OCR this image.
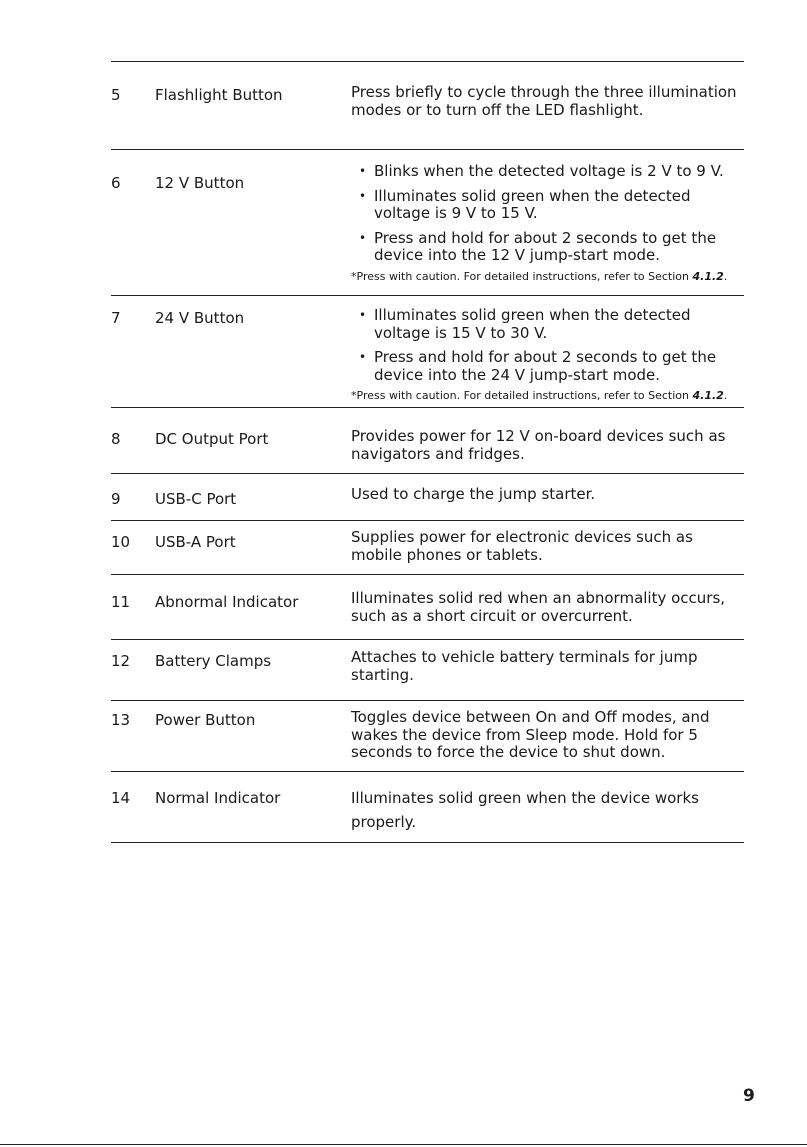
5 Flashlight Button	Press briefly to cycle through the three illumination modes or to turn off the LED flashlight.
6 12 V Button
• Blinks when the detected voltage is 2 V to 9 V.
• Illuminates solid green when the detected voltage is 9 V to 15 V.
• Press and hold for about 2 seconds to get the device into the 12 V jump-start mode.
*Press with caution. For detailed instructions, refer to Section 4.1.2.
7 24 V Button
•	Illuminates solid green when the detected voltage is 15 V to 30 V.
• Press and hold for about 2 seconds to get the device into the 24 V jump-start mode.
*Press with caution. For detailed instructions, refer to Section 4.1.2.
8 DC Output Port	Provides power for 12 V on-board devices such as navigators and fridges.
9 USB-C Port	Used to charge the jump starter.
10 USB-A Port	Supplies power for electronic devices such as mobile phones or tablets.
11 Abnormal Indicator	Illuminates solid red when an abnormality occurs, such as a short circuit or overcurrent.
12 Battery Clamps	Attaches to vehicle battery terminals for jump starting.
13 Power Button	Toggles device between On and Off modes, and wakes the device from Sleep mode. Hold for 5 seconds to force the device to shut down.
14 Normal Indicator	Illuminates solid green when the device works properly.
9
